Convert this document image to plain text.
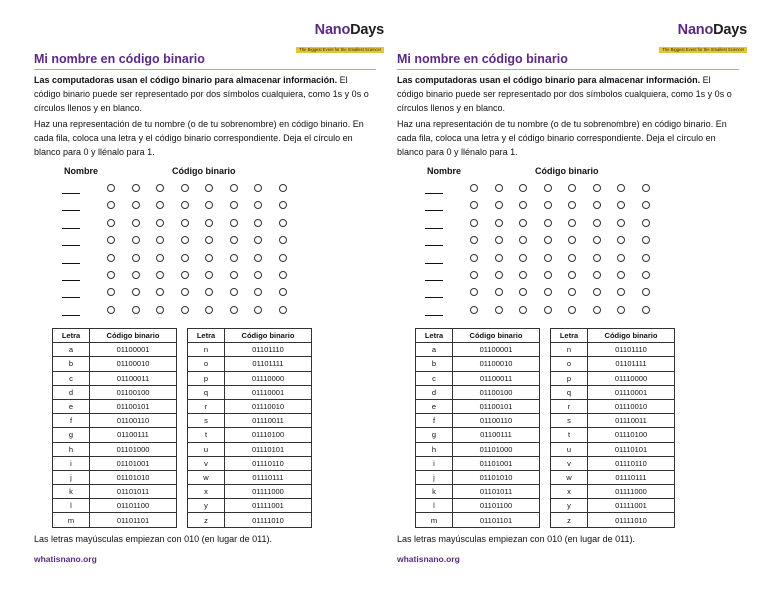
NanoDays
The Biggest Event for the Smallest Science!
Mi nombre en código binario
Las computadoras usan el código binario para almacenar información. El código binario puede ser representado por dos símbolos cualquiera, como 1s y 0s o círculos llenos y en blanco.
Haz una representación de tu nombre (o de tu sobrenombre) en código binario. En cada fila, coloca una letra y el código binario correspondiente. Deja el círculo en blanco para 0 y llénalo para 1.
Nombre	Código binario
Letra	Código binario
a	01100001
b	01100010
c	01100011
d	01100100
e	01100101
f	01100110
g	01100111
h	01101000
i	01101001
j	01101010
k	01101011
l	01101100
m	01101101
Letra	Código binario
n	01101110
o	01101111
p	01110000
q	01110001
r	01110010
s	01110011
t	01110100
u	01110101
v	01110110
w	01110111
x	01111000
y	01111001
z	01111010
Las letras mayúsculas empiezan con 010 (en lugar de 011).
whatisnano.org
NanoDays
The Biggest Event for the Smallest Science!
Mi nombre en código binario
Las computadoras usan el código binario para almacenar información. El código binario puede ser representado por dos símbolos cualquiera, como 1s y 0s o círculos llenos y en blanco.
Haz una representación de tu nombre (o de tu sobrenombre) en código binario. En cada fila, coloca una letra y el código binario correspondiente. Deja el círculo en blanco para 0 y llénalo para 1.
Nombre	Código binario
Letra	Código binario
a	01100001
b	01100010
c	01100011
d	01100100
e	01100101
f	01100110
g	01100111
h	01101000
i	01101001
j	01101010
k	01101011
l	01101100
m	01101101
Letra	Código binario
n	01101110
o	01101111
p	01110000
q	01110001
r	01110010
s	01110011
t	01110100
u	01110101
v	01110110
w	01110111
x	01111000
y	01111001
z	01111010
Las letras mayúsculas empiezan con 010 (en lugar de 011).
whatisnano.org
